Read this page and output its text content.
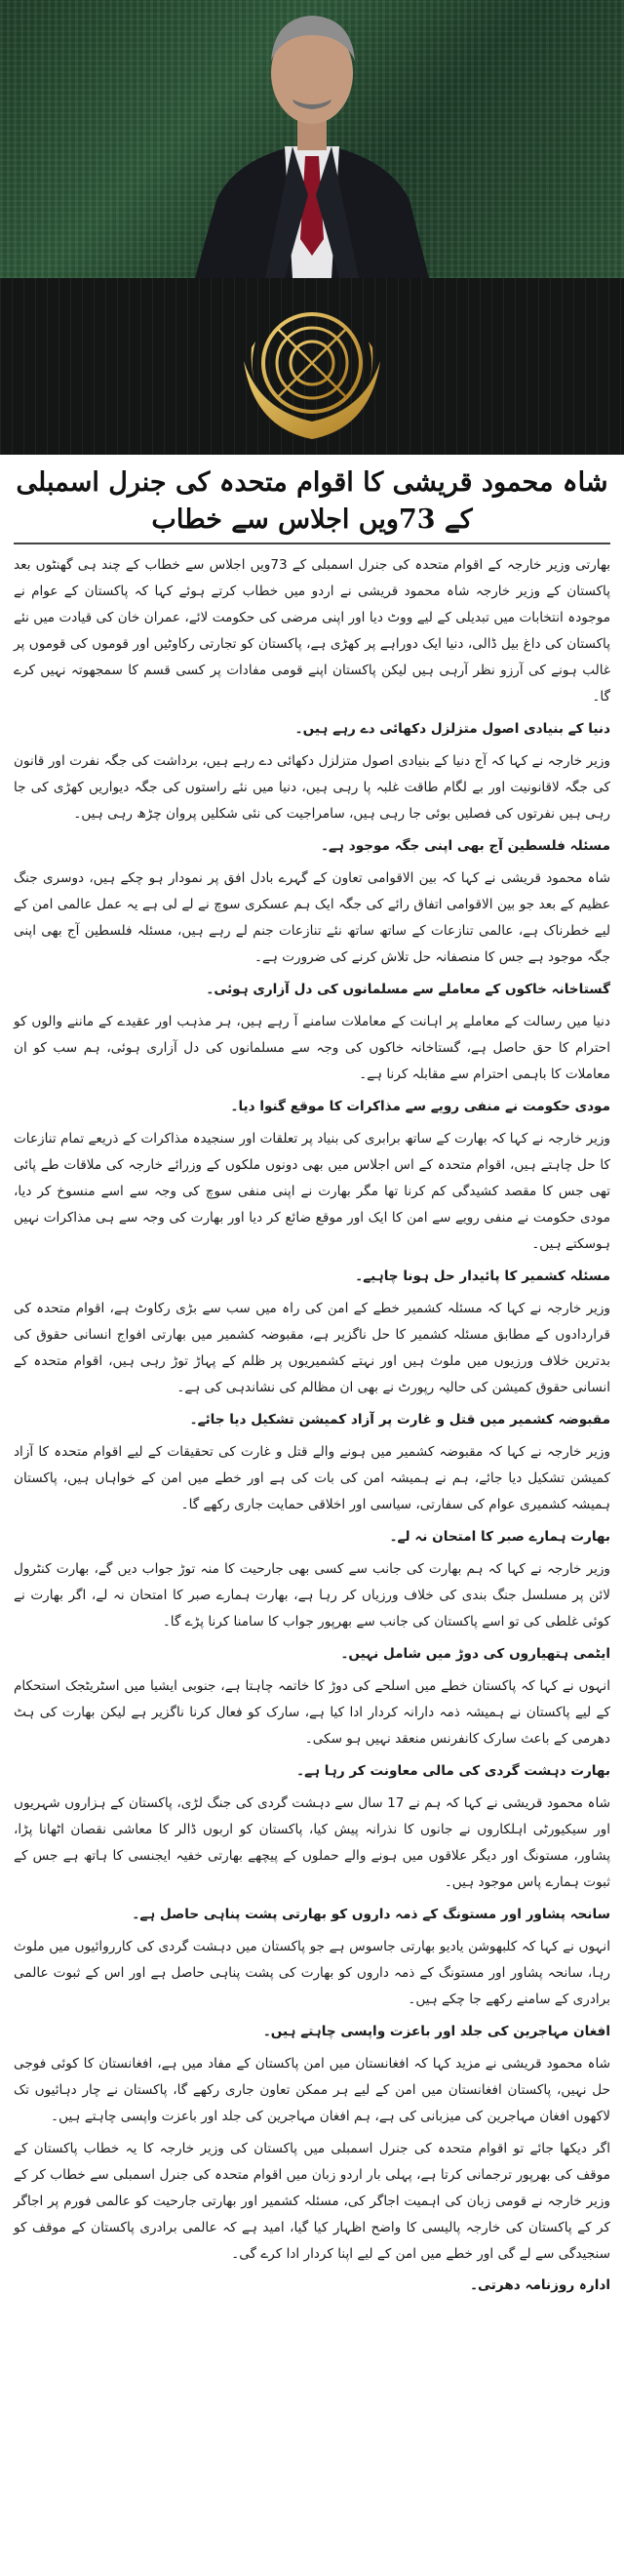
شاہ محمود قریشی کا اقوام متحدہ کی جنرل اسمبلی کے 73ویں اجلاس سے خطاب

بھارتی وزیر خارجہ کے اقوام متحدہ کی جنرل اسمبلی کے 73ویں اجلاس سے خطاب کے چند ہی گھنٹوں بعد پاکستان کے وزیر خارجہ شاہ محمود قریشی نے اردو میں خطاب کرتے ہوئے کہا کہ پاکستان کے عوام نے موجودہ انتخابات میں تبدیلی کے لیے ووٹ دیا اور اپنی مرضی کی حکومت لائے، عمران خان کی قیادت میں نئے پاکستان کی داغ بیل ڈالی، دنیا ایک دوراہے پر کھڑی ہے، پاکستان کو تجارتی رکاوٹیں اور قوموں کی قوموں پر غالب ہونے کی آرزو نظر آرہی ہیں لیکن پاکستان اپنے قومی مفادات پر کسی قسم کا سمجھوتہ نہیں کرے گا۔

دنیا کے بنیادی اصول متزلزل دکھائی دے رہے ہیں۔

وزیر خارجہ نے کہا کہ آج دنیا کے بنیادی اصول متزلزل دکھائی دے رہے ہیں، برداشت کی جگہ نفرت اور قانون کی جگہ لاقانونیت اور بے لگام طاقت غلبہ پا رہی ہیں، دنیا میں نئے راستوں کی جگہ دیواریں کھڑی کی جا رہی ہیں نفرتوں کی فصلیں بوئی جا رہی ہیں، سامراجیت کی نئی شکلیں پروان چڑھ رہی ہیں۔

مسئلہ فلسطین آج بھی اپنی جگہ موجود ہے۔

شاہ محمود قریشی نے کہا کہ بین الاقوامی تعاون کے گہرے بادل افق پر نمودار ہو چکے ہیں، دوسری جنگ عظیم کے بعد جو بین الاقوامی اتفاق رائے کی جگہ ایک ہم عسکری سوچ نے لے لی ہے یہ عمل عالمی امن کے لیے خطرناک ہے، عالمی تنازعات کے ساتھ ساتھ نئے تنازعات جنم لے رہے ہیں، مسئلہ فلسطین آج بھی اپنی جگہ موجود ہے جس کا منصفانہ حل تلاش کرنے کی ضرورت ہے۔

گستاخانہ خاکوں کے معاملے سے مسلمانوں کی دل آزاری ہوئی۔

دنیا میں رسالت کے معاملے پر اہانت کے معاملات سامنے آ رہے ہیں، ہر مذہب اور عقیدے کے ماننے والوں کو احترام کا حق حاصل ہے، گستاخانہ خاکوں کی وجہ سے مسلمانوں کی دل آزاری ہوئی، ہم سب کو ان معاملات کا باہمی احترام سے مقابلہ کرنا ہے۔

مودی حکومت نے منفی رویے سے مذاکرات کا موقع گنوا دیا۔

وزیر خارجہ نے کہا کہ بھارت کے ساتھ برابری کی بنیاد پر تعلقات اور سنجیدہ مذاکرات کے ذریعے تمام تنازعات کا حل چاہتے ہیں، اقوام متحدہ کے اس اجلاس میں بھی دونوں ملکوں کے وزرائے خارجہ کی ملاقات طے پائی تھی جس کا مقصد کشیدگی کم کرنا تھا مگر بھارت نے اپنی منفی سوچ کی وجہ سے اسے منسوخ کر دیا، مودی حکومت نے منفی رویے سے امن کا ایک اور موقع ضائع کر دیا اور بھارت کی وجہ سے ہی مذاکرات نہیں ہوسکتے ہیں۔

مسئلہ کشمیر کا پائیدار حل ہونا چاہیے۔

وزیر خارجہ نے کہا کہ مسئلہ کشمیر خطے کے امن کی راہ میں سب سے بڑی رکاوٹ ہے، اقوام متحدہ کی قراردادوں کے مطابق مسئلہ کشمیر کا حل ناگزیر ہے، مقبوضہ کشمیر میں بھارتی افواج انسانی حقوق کی بدترین خلاف ورزیوں میں ملوث ہیں اور نہتے کشمیریوں پر ظلم کے پہاڑ توڑ رہی ہیں، اقوام متحدہ کے انسانی حقوق کمیشن کی حالیہ رپورٹ نے بھی ان مظالم کی نشاندہی کی ہے۔

مقبوضہ کشمیر میں قتل و غارت پر آزاد کمیشن تشکیل دیا جائے۔

وزیر خارجہ نے کہا کہ مقبوضہ کشمیر میں ہونے والے قتل و غارت کی تحقیقات کے لیے اقوام متحدہ کا آزاد کمیشن تشکیل دیا جائے، ہم نے ہمیشہ امن کی بات کی ہے اور خطے میں امن کے خواہاں ہیں، پاکستان ہمیشہ کشمیری عوام کی سفارتی، سیاسی اور اخلاقی حمایت جاری رکھے گا۔

بھارت ہمارے صبر کا امتحان نہ لے۔

وزیر خارجہ نے کہا کہ ہم بھارت کی جانب سے کسی بھی جارحیت کا منہ توڑ جواب دیں گے، بھارت کنٹرول لائن پر مسلسل جنگ بندی کی خلاف ورزیاں کر رہا ہے، بھارت ہمارے صبر کا امتحان نہ لے، اگر بھارت نے کوئی غلطی کی تو اسے پاکستان کی جانب سے بھرپور جواب کا سامنا کرنا پڑے گا۔

ایٹمی ہتھیاروں کی دوڑ میں شامل نہیں۔

انہوں نے کہا کہ پاکستان خطے میں اسلحے کی دوڑ کا خاتمہ چاہتا ہے، جنوبی ایشیا میں اسٹریٹجک استحکام کے لیے پاکستان نے ہمیشہ ذمہ دارانہ کردار ادا کیا ہے، سارک کو فعال کرنا ناگزیر ہے لیکن بھارت کی ہٹ دھرمی کے باعث سارک کانفرنس منعقد نہیں ہو سکی۔

بھارت دہشت گردی کی مالی معاونت کر رہا ہے۔

شاہ محمود قریشی نے کہا کہ ہم نے 17 سال سے دہشت گردی کی جنگ لڑی، پاکستان کے ہزاروں شہریوں اور سیکیورٹی اہلکاروں نے جانوں کا نذرانہ پیش کیا، پاکستان کو اربوں ڈالر کا معاشی نقصان اٹھانا پڑا، پشاور، مستونگ اور دیگر علاقوں میں ہونے والے حملوں کے پیچھے بھارتی خفیہ ایجنسی کا ہاتھ ہے جس کے ثبوت ہمارے پاس موجود ہیں۔

سانحہ پشاور اور مستونگ کے ذمہ داروں کو بھارتی پشت پناہی حاصل ہے۔

انہوں نے کہا کہ کلبھوشن یادیو بھارتی جاسوس ہے جو پاکستان میں دہشت گردی کی کارروائیوں میں ملوث رہا، سانحہ پشاور اور مستونگ کے ذمہ داروں کو بھارت کی پشت پناہی حاصل ہے اور اس کے ثبوت عالمی برادری کے سامنے رکھے جا چکے ہیں۔

افغان مہاجرین کی جلد اور باعزت واپسی چاہتے ہیں۔

شاہ محمود قریشی نے مزید کہا کہ افغانستان میں امن پاکستان کے مفاد میں ہے، افغانستان کا کوئی فوجی حل نہیں، پاکستان افغانستان میں امن کے لیے ہر ممکن تعاون جاری رکھے گا، پاکستان نے چار دہائیوں تک لاکھوں افغان مہاجرین کی میزبانی کی ہے، ہم افغان مہاجرین کی جلد اور باعزت واپسی چاہتے ہیں۔

اگر دیکھا جائے تو اقوام متحدہ کی جنرل اسمبلی میں پاکستان کی وزیر خارجہ کا یہ خطاب پاکستان کے موقف کی بھرپور ترجمانی کرتا ہے، پہلی بار اردو زبان میں اقوام متحدہ کی جنرل اسمبلی سے خطاب کر کے وزیر خارجہ نے قومی زبان کی اہمیت اجاگر کی، مسئلہ کشمیر اور بھارتی جارحیت کو عالمی فورم پر اجاگر کر کے پاکستان کی خارجہ پالیسی کا واضح اظہار کیا گیا، امید ہے کہ عالمی برادری پاکستان کے موقف کو سنجیدگی سے لے گی اور خطے میں امن کے لیے اپنا کردار ادا کرے گی۔

ادارہ روزنامہ دھرتی۔
